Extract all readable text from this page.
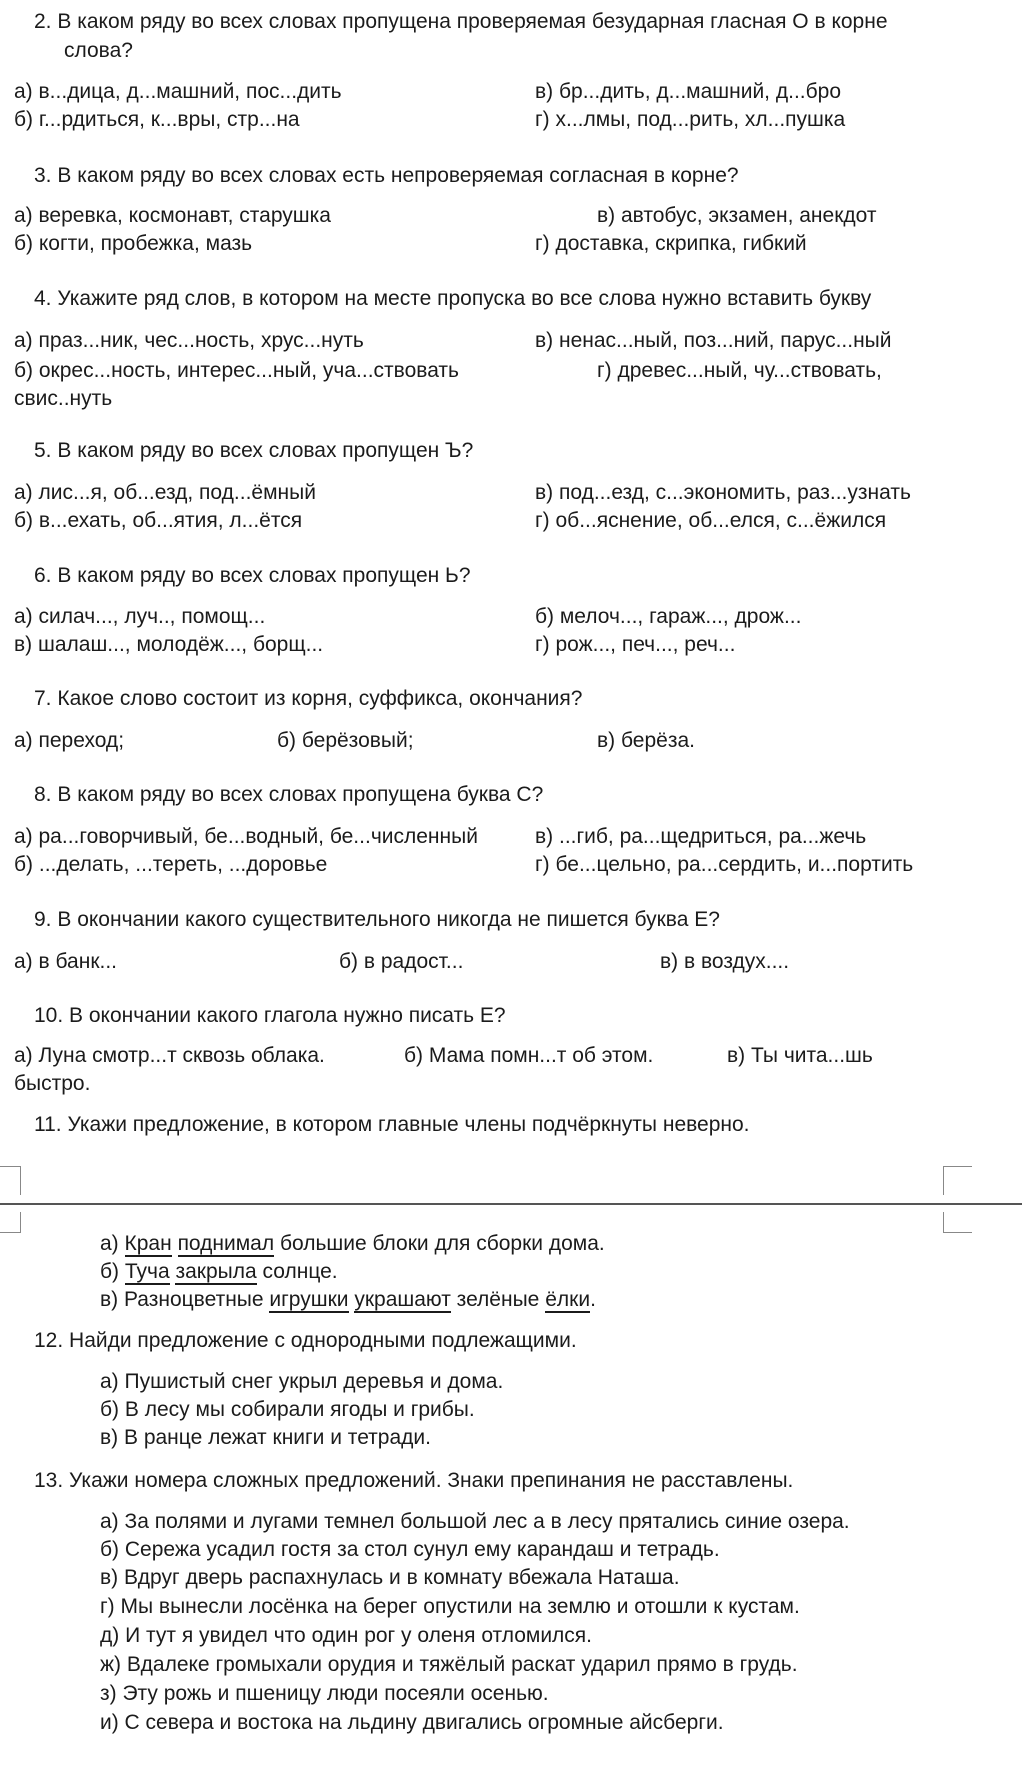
2. В каком ряду во всех словах пропущена проверяемая безударная гласная О в корне
слова?
а) в...дица, д...машний, пос...дить	в) бр...дить, д...машний, д...бро
б) г...рдиться, к...вры, стр...на	г) х...лмы, под...рить, хл...пушка
3. В каком ряду во всех словах есть непроверяемая согласная в корне?
а) веревка, космонавт, старушка	в) автобус, экзамен, анекдот
б) когти, пробежка, мазь	г) доставка, скрипка, гибкий
4. Укажите ряд слов, в котором на месте пропуска во все слова нужно вставить букву
а) праз...ник, чес...ность, хрус...нуть	в) ненас...ный, поз...ний, парус...ный
б) окрес...ность, интерес...ный, уча...ствовать	г) древес...ный, чу...ствовать,
свис..нуть
5. В каком ряду во всех словах пропущен Ъ?
а) лис...я, об...езд, под...ёмный	в) под...езд, с...экономить, раз...узнать
б) в...ехать, об...ятия, л...ётся	г) об...яснение, об...елся, с...ёжился
6. В каком ряду во всех словах пропущен Ь?
а) силач..., луч.., помощ...	б) мелоч..., гараж..., дрож...
в) шалаш..., молодёж..., борщ...	г) рож..., печ..., реч...
7. Какое слово состоит из корня, суффикса, окончания?
а) переход;	б) берёзовый;	в) берёза.
8. В каком ряду во всех словах пропущена буква С?
а) ра...говорчивый, бе...водный, бе...численный	в) ...гиб, ра...щедриться, ра...жечь
б) ...делать, ...тереть, ...доровье	г) бе...цельно, ра...сердить, и...портить
9. В окончании какого существительного никогда не пишется буква Е?
а) в банк...	б) в радост...	в) в воздух....
10. В окончании какого глагола нужно писать Е?
а) Луна смотр...т сквозь облака.	б) Мама помн...т об этом.	в) Ты чита...шь
быстро.
11. Укажи предложение, в котором главные члены подчёркнуты неверно.
а) Кран поднимал большие блоки для сборки дома.
б) Туча закрыла солнце.
в) Разноцветные игрушки украшают зелёные ёлки.
12. Найди предложение с однородными подлежащими.
а) Пушистый снег укрыл деревья и дома.
б) В лесу мы собирали ягоды и грибы.
в) В ранце лежат книги и тетради.
13. Укажи номера сложных предложений. Знаки препинания не расставлены.
а) За полями и лугами темнел большой лес а в лесу прятались синие озера.
б) Сережа усадил гостя за стол сунул ему карандаш и тетрадь.
в) Вдруг дверь распахнулась и в комнату вбежала Наташа.
г) Мы вынесли лосёнка на берег опустили на землю и отошли к кустам.
д) И тут я увидел что один рог у оленя отломился.
ж) Вдалеке громыхали орудия и тяжёлый раскат ударил прямо в грудь.
з) Эту рожь и пшеницу люди посеяли осенью.
и) С севера и востока на льдину двигались огромные айсберги.
